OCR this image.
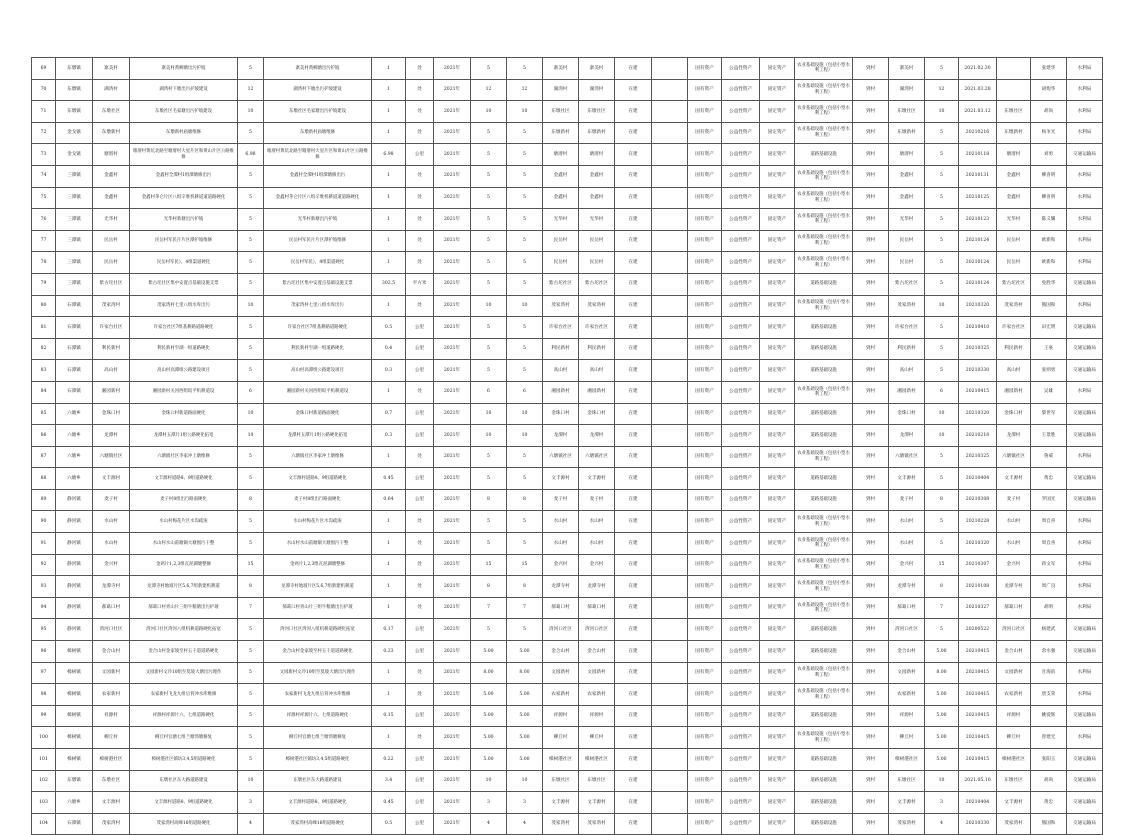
69	东墩镇	寨美村	寨美村黄柳塘出污护坡	5	寨美村黄柳塘出污护坡	1	处	2021年	5	5	寨美村	寨美村	在建		国有资产	公益性资产	固定资产	农业基础设施（包括小型水利工程）	到村	寨美村	5	2021.02.30		张建华	水利局
70	东墩镇	湖湾村	湖湾村下塘出污护坡建设	12	湖湾村下塘出污护坡建设	1	处	2021年	12	12	湖湾村	湖湾村	在建		国有资产	公益性资产	固定资产	农业基础设施（包括小型水利工程）	到村	湖湾村	12	2021.03.28		胡炮华	水利局
71	东墩镇	东墩社区	东墩社区毛家塘出污护坡建设	10	东墩社区毛家塘出污护坡建设	1	处	2021年	10	10	东墩社区	东墩社区	在建		国有资产	公益性资产	固定资产	农业基础设施（包括小型水利工程）	到村	东墩社区	10	2021.03.12	东墩社区	胡尚	水利局
72	金戈镇	东墩新村	东墩新村庙塘维修	5	东墩新村庙塘维修	1	处	2021年	5	5	东墩新村	东墩新村	在建		国有资产	公益性资产	固定资产	农业基础设施（包括小型水利工程）	到村	东墩新村	5	20210216	东墩新村	杨争光	水利局
73	金戈镇	塘厝村	塘厝村黄坑北路至塘厝村大星片区和黄山片区公路维修	6.98	塘厝村黄坑北路至塘厝村大星片区和黄山片区公路维修	6.98	公里	2021年	5	5	塘厝村	塘厝村	在建		国有资产	公益性资产	固定资产	道路基础设施	到村	塘厝村	5	20210118	塘厝村	刘勇	交通运输局
74	三潭镇	金鑫村	金鑫村全潭村1组潭塘修出污	5	金鑫村全潭村1组潭塘修出污	1	处	2021年	5	5	金鑫村	金鑫村	在建		国有资产	公益性资产	固定资产	农业基础设施（包括小型水利工程）	到村	金鑫村	5	20210131	金鑫村	柳喜明	水利局
75	三潭镇	金鑫村	金鑫村茅仑片区八组辛堆机耕道道道路硬化	5	金鑫村茅仑片区八组辛堆机耕道道道路硬化	1	处	2021年	5	5	金鑫村	金鑫村	在建		国有资产	公益性资产	固定资产	农业基础设施（包括小型水利工程）	到村	金鑫村	5	20210125	金鑫村	柳喜明	水利局
76	三潭镇	光华村	光华村新塘出污护坡	5	光华村新塘出污护坡	1	处	2021年	5	5	光华村	光华村	在建		国有资产	公益性资产	固定资产	农业基础设施（包括小型水利工程）	到村	光华村	5	20210123	光华村	陈义耀	水利局
77	三潭镇	民岳村	民岳村军民片片区潭护坡维修	5	民岳村军民片片区潭护坡维修	1	处	2021年	5	5	民岳村	民岳村	在建		国有资产	公益性资产	固定资产	农业基础设施（包括小型水利工程）	到村	民岳村	5	20210124	民岳村	欧新和	水利局
78	三潭镇	民岳村	民岳村军民），4组渠道硬化	5	民岳村军民），4组渠道硬化	1	处	2021年	5	5	民岳村	民岳村	在建		国有资产	公益性资产	固定资产	农业基础设施（包括小型水利工程）	到村	民岳村	5	20210124	民岳村	欧新和	水利局
79	三潭镇	紫古坨社区	紫古坨社区集中安置点基础设施支票	5	紫古坨社区集中安置点基础设施支票	302.5	平方米	2021年	5	5	紫古坨社区	紫古坨社区	在建		国有资产	公益性资产	固定资产	道路基础设施	到村	紫古坨社区	5	20210124	紫古坨社区	免胜华	交通运输局
80	石潭镇	茂家湾村	茂家湾村七里八组水库出污	10	茂家湾村七里八组水库出污	1	处	2021年	10	10	茂家湾村	茂家湾村	在建		国有资产	公益性资产	固定资产	农业基础设施（包括小型水利工程）	到村	茂家湾村	10	20210320	茂家湾村	熊国和	水利局
81	石潭镇	许家台社区	许家台社区7组基耕路道路硬化	5	许家台社区7组基耕路道路硬化	0.5	公里	2021年	5	5	许家台社区	许家台社区	在建		国有资产	公益性资产	固定资产	道路基础设施	到村	许家台社区	5	20210410	许家台社区	田宏明	交通运输局
82	石潭镇	利民新村	利民新村至湖一组道路硬化	5	利民新村至湖一组道路硬化	0.4	公里	2021年	5	5	利民新村	利民新村	在建		国有资产	公益性资产	固定资产	道路基础设施	到村	利民新村	5	20210325	利民新村	王豪	交通运输局
83	石潭镇	高山村	高山村高潭组公路建设项目	5	高山村高潭组公路建设项目	0.3	公里	2021年	5	5	高山村	高山村	在建		国有资产	公益性资产	固定资产	道路基础设施	到村	高山村	5	20210330	高山村	张则勇	交通运输局
84	石潭镇	湘园新村	湘园新村关河西组坂平机耕道设	6	湘园新村关河西组坂平机耕道设	1	处	2021年	6	6	湘园新村	湘园新村	在建		国有资产	公益性资产	固定资产	农业基础设施（包括小型水利工程）	到村	湘园新村	6	20210415	湘园新村	吴雄	水利局
85	六塘乡	金珠口村	金珠口村新道路面硬化	10	金珠口村新道路面硬化	0.7	公里	2021年	10	10	金珠口村	金珠口村	在建		国有资产	公益性资产	固定资产	道路基础设施	到村	金珠口村	10	20210320	金珠口村	黎世军	交通运输局
86	六塘乡	龙潭村	龙潭村五潭片1组公路硬化拓宽	10	龙潭村五潭片1组公路硬化拓宽	0.3	公里	2021年	10	10	龙潭村	龙潭村	在建		国有资产	公益性资产	固定资产	道路基础设施	到村	龙潭村	10	20210218	龙潭村	王景胜	交通运输局
87	六塘乡	六塘镇社区	六塘镇社区李家冲上塘维修	5	六塘镇社区李家冲上塘维修	1	处	2021年	5	5	六塘镇社区	六塘镇社区	在建		国有资产	公益性资产	固定资产	农业基础设施（包括小型水利工程）	到村	六塘镇社区	5	20210325	六塘镇社区	鲁威	水利局
88	六塘乡	文丰源村	文丰源村道路8、9组道路硬化	5	文丰源村道路8、9组道路硬化	0.45	公里	2021年	5	5	文丰源村	文丰源村	在建		国有资产	公益性资产	固定资产	道路基础设施	到村	文丰源村	5	20210404	文丰源村	黄忠	交通运输局
89	静河镇	麦子村	麦子村8组出行路面硬化	8	麦子村8组出行路面硬化	0.64	公里	2021年	8	8	麦子村	麦子村	在建		国有资产	公益性资产	固定资产	道路基础设施	到村	麦子村	8	20210308	麦子村	罗国光	交通运输局
90	静河镇	水山村	水山村梅花片区水沟疏浚	5	水山村梅花片区水沟疏浚	1	处	2021年	5	5	水山村	水山村	在建		国有资产	公益性资产	固定资产	农业基础设施（包括小型水利工程）	到村	水山村	5	20210228	水山村	周自喜	水利局
91	静河镇	水山村	水山村水山前塘铜大塘围污干整	5	水山村水山前塘铜大塘围污干整	1	处	2021年	5	5	水山村	水山村	在建		国有资产	公益性资产	固定资产	农业基础设施（包括小型水利工程）	到村	水山村	5	20210320	水山村	周自喜	水利局
92	静河镇	金兴村	金鸡片1,2,3组瓦泥湖塘整修	15	金鸡片1,2,3组瓦泥湖塘整修	1	处	2021年	15	15	金兴村	金兴村	在建		国有资产	公益性资产	固定资产	农业基础设施（包括小型水利工程）	到村	金兴村	15	20210307	金兴村	蒋文军	水利局
93	静河镇	龙潭寺村	龙潭寺村地坡片区5,6,7组新建机耕道	8	龙潭寺村地坡片区5,6,7组新建机耕道	1	处	2021年	8	8	龙潭寺村	龙潭寺村	在建		国有资产	公益性资产	固定资产	农业基础设施（包括小型水利工程）	到村	龙潭寺村	8	20210108	龙潭寺村	周广良	水利局
94	静河镇	郝葛口村	郝葛口村青山片三组牛粮塘出污护坡	7	郝葛口村青山片三组牛粮塘出污护坡	1	处	2021年	7	7	郝葛口村	郝葛口村	在建		国有资产	公益性资产	固定资产	农业基础设施（包括小型水利工程）	到村	郝葛口村	7	20210327	郝葛口村	胡明	水利局
95	静河镇	湾河口社区	湾河口社区湾河八组机耕道路硬化拓宽	5	湾河口社区湾河八组机耕道路硬化拓宽	0.17	公里	2021年	5	5	湾河口社区	湾河口社区	在建		国有资产	公益性资产	固定资产	道路基础设施	到村	湾河口社区	5	20200522	湾河口社区	杨建武	交通运输局
96	樟树镇	金合山村	金合山村金家坡至村五干道道路硬化	5	金合山村金家坡至村五干道道路硬化	0.23	公里	2021年	5.00	5.00	金合山村	金合山村	在建		国有资产	公益性资产	固定资产	道路基础设施	到村	金合山村	5.00	20210415	金合山村	余水强	交通运输局
97	樟树镇	文园新村	文园新村文冷10组至莫坡大塘出污理作	5	文园新村文冷10组至莫坡大塘出污理作	1	处	2021年	8.00	8.00	文园新村	文园新村	在建		国有资产	公益性资产	固定资产	农业基础设施（包括小型水利工程）	到村	文园新村	8.00	20210415	文园新村	甘海滨	水利局
98	樟树镇	农家新村	农家新村飞龙九组后背冲水库维修	5	农家新村飞龙九组后背冲水库维修	1	处	2021年	5.00	5.00	农家新村	农家新村	在建		国有资产	公益性资产	固定资产	农业基础设施（包括小型水利工程）	到村	农家新村	5.00	20210415	农家新村	唐支荣	水利局
99	樟树镇	祥源村	祥源村祥源片六、七组道路硬化	5	祥源村祥源片六、七组道路硬化	0.15	公里	2021年	5.00	5.00	祥源村	祥源村	在建		国有资产	公益性资产	固定资产	道路基础设施	到村	祥源村	5.00	20210415	祥源村	姚爱辉	交通运输局
100	樟树镇	柳丘村	柳丘村官塘七组兰塘湾塘修复	5	柳丘村官塘七组兰塘湾塘修复	1	处	2021年	5.00	5.00	柳丘村	柳丘村	在建		国有资产	公益性资产	固定资产	农业基础设施（包括小型水利工程）	到村	柳丘村	5.00	20210415	柳丘村	曾建光	水利局
101	樟树镇	樟树港社区	樟树港社区镇坊3,4,5组道路硬化	5	樟树港社区镇坊3,4,5组道路硬化	0.22	公里	2021年	5.00	5.00	樟树港社区	樟树港社区	在建		国有资产	公益性资产	固定资产	道路基础设施	到村	樟树港社区	5.00	20210415	樟树港社区	张阳玉	交通运输局
102	东墩镇	东墩社区	东墩社区东大路道路建设	10	东墩社区东大路道路建设	3.4	公里	2021年	10	10	东墩社区	东墩社区	在建		国有资产	公益性资产	固定资产	道路基础设施	到村	东墩社区	10	2021.05.10	东墩社区	胡尚	交通运输局
103	六塘乡	文丰源村	文丰源村道路8、9组道路硬化	3	文丰源村道路8、9组道路硬化	0.45	公里	2021年	3	3	文丰源村	文丰源村	在建		国有资产	公益性资产	固定资产	道路基础设施	到村	文丰源村	3	20210404	文丰源村	黄忠	交通运输局
104	石潭镇	茂家湾村	茂家湾村高峰16组道路硬化	4	茂家湾村高峰16组道路硬化	0.5	公里	2021年	4	4	茂家湾村	茂家湾村	在建		国有资产	公益性资产	固定资产	道路基础设施	到村	茂家湾村	4	20210330	茂家湾村	熊国和	交通运输局
